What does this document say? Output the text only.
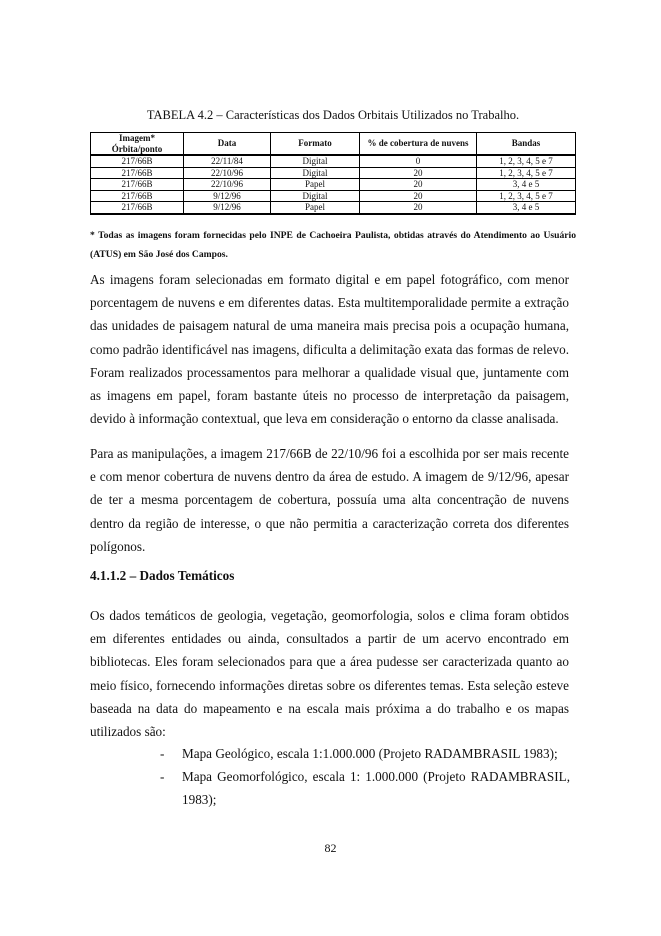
TABELA 4.2 – Características dos Dados Orbitais Utilizados no Trabalho.
Imagem* Órbita/ponto	Data	Formato	% de cobertura de nuvens	Bandas
217/66B	22/11/84	Digital	0	1, 2, 3, 4, 5 e 7
217/66B	22/10/96	Digital	20	1, 2, 3, 4, 5 e 7
217/66B	22/10/96	Papel	20	3, 4 e 5
217/66B	9/12/96	Digital	20	1, 2, 3, 4, 5 e 7
217/66B	9/12/96	Papel	20	3, 4 e 5
* Todas as imagens foram fornecidas pelo INPE de Cachoeira Paulista, obtidas através do Atendimento ao Usuário (ATUS) em São José dos Campos.

As imagens foram selecionadas em formato digital e em papel fotográfico, com menor porcentagem de nuvens e em diferentes datas. Esta multitemporalidade permite a extração das unidades de paisagem natural de uma maneira mais precisa pois a ocupação humana, como padrão identificável nas imagens, dificulta a delimitação exata das formas de relevo. Foram realizados processamentos para melhorar a qualidade visual que, juntamente com as imagens em papel, foram bastante úteis no processo de interpretação da paisagem, devido à informação contextual, que leva em consideração o entorno da classe analisada.

Para as manipulações, a imagem 217/66B de 22/10/96 foi a escolhida por ser mais recente e com menor cobertura de nuvens dentro da área de estudo. A imagem de 9/12/96, apesar de ter a mesma porcentagem de cobertura, possuía uma alta concentração de nuvens dentro da região de interesse, o que não permitia a caracterização correta dos diferentes polígonos.

4.1.1.2 – Dados Temáticos

Os dados temáticos de geologia, vegetação, geomorfologia, solos e clima foram obtidos em diferentes entidades ou ainda, consultados a partir de um acervo encontrado em bibliotecas. Eles foram selecionados para que a área pudesse ser caracterizada quanto ao meio físico, fornecendo informações diretas sobre os diferentes temas. Esta seleção esteve baseada na data do mapeamento e na escala mais próxima a do trabalho e os mapas utilizados são:

- Mapa Geológico, escala 1:1.000.000 (Projeto RADAMBRASIL 1983);
- Mapa Geomorfológico, escala 1: 1.000.000 (Projeto RADAMBRASIL, 1983);
82
